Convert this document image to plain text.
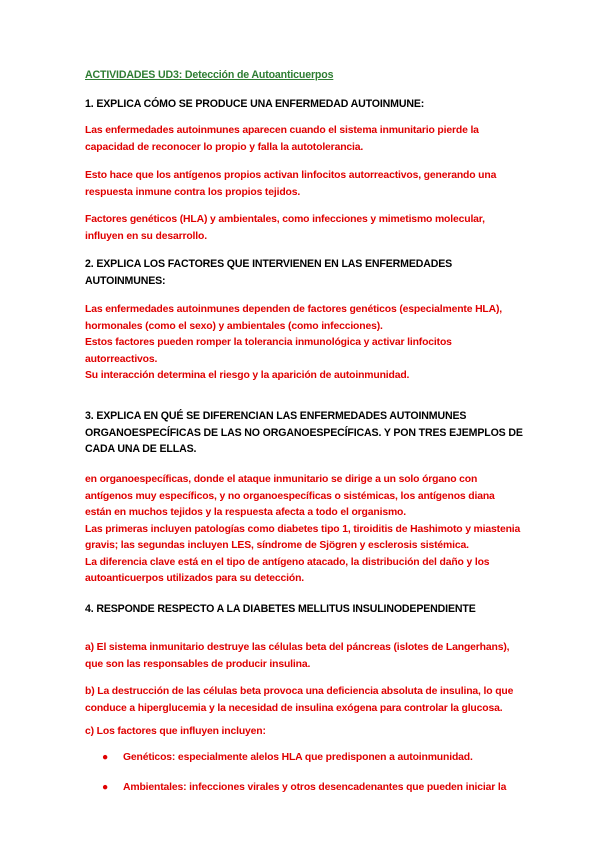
ACTIVIDADES UD3: Detección de Autoanticuerpos

1. EXPLICA CÓMO SE PRODUCE UNA ENFERMEDAD AUTOINMUNE:

Las enfermedades autoinmunes aparecen cuando el sistema inmunitario pierde la
capacidad de reconocer lo propio y falla la autotolerancia.

Esto hace que los antígenos propios activan linfocitos autorreactivos, generando una
respuesta inmune contra los propios tejidos.

Factores genéticos (HLA) y ambientales, como infecciones y mimetismo molecular,
influyen en su desarrollo.

2. EXPLICA LOS FACTORES QUE INTERVIENEN EN LAS ENFERMEDADES
AUTOINMUNES:

Las enfermedades autoinmunes dependen de factores genéticos (especialmente HLA),
hormonales (como el sexo) y ambientales (como infecciones).
Estos factores pueden romper la tolerancia inmunológica y activar linfocitos
autorreactivos.
Su interacción determina el riesgo y la aparición de autoinmunidad.

3. EXPLICA EN QUÉ SE DIFERENCIAN LAS ENFERMEDADES AUTOINMUNES
ORGANOESPECÍFICAS DE LAS NO ORGANOESPECÍFICAS. Y PON TRES EJEMPLOS DE
CADA UNA DE ELLAS.

en organoespecíficas, donde el ataque inmunitario se dirige a un solo órgano con
antígenos muy específicos, y no organoespecíficas o sistémicas, los antígenos diana
están en muchos tejidos y la respuesta afecta a todo el organismo.
Las primeras incluyen patologías como diabetes tipo 1, tiroiditis de Hashimoto y miastenia
gravis; las segundas incluyen LES, síndrome de Sjögren y esclerosis sistémica.
La diferencia clave está en el tipo de antígeno atacado, la distribución del daño y los
autoanticuerpos utilizados para su detección.

4. RESPONDE RESPECTO A LA DIABETES MELLITUS INSULINODEPENDIENTE

a) El sistema inmunitario destruye las células beta del páncreas (islotes de Langerhans),
que son las responsables de producir insulina.

b) La destrucción de las células beta provoca una deficiencia absoluta de insulina, lo que
conduce a hiperglucemia y la necesidad de insulina exógena para controlar la glucosa.

c) Los factores que influyen incluyen:

● Genéticos: especialmente alelos HLA que predisponen a autoinmunidad.
● Ambientales: infecciones virales y otros desencadenantes que pueden iniciar la
